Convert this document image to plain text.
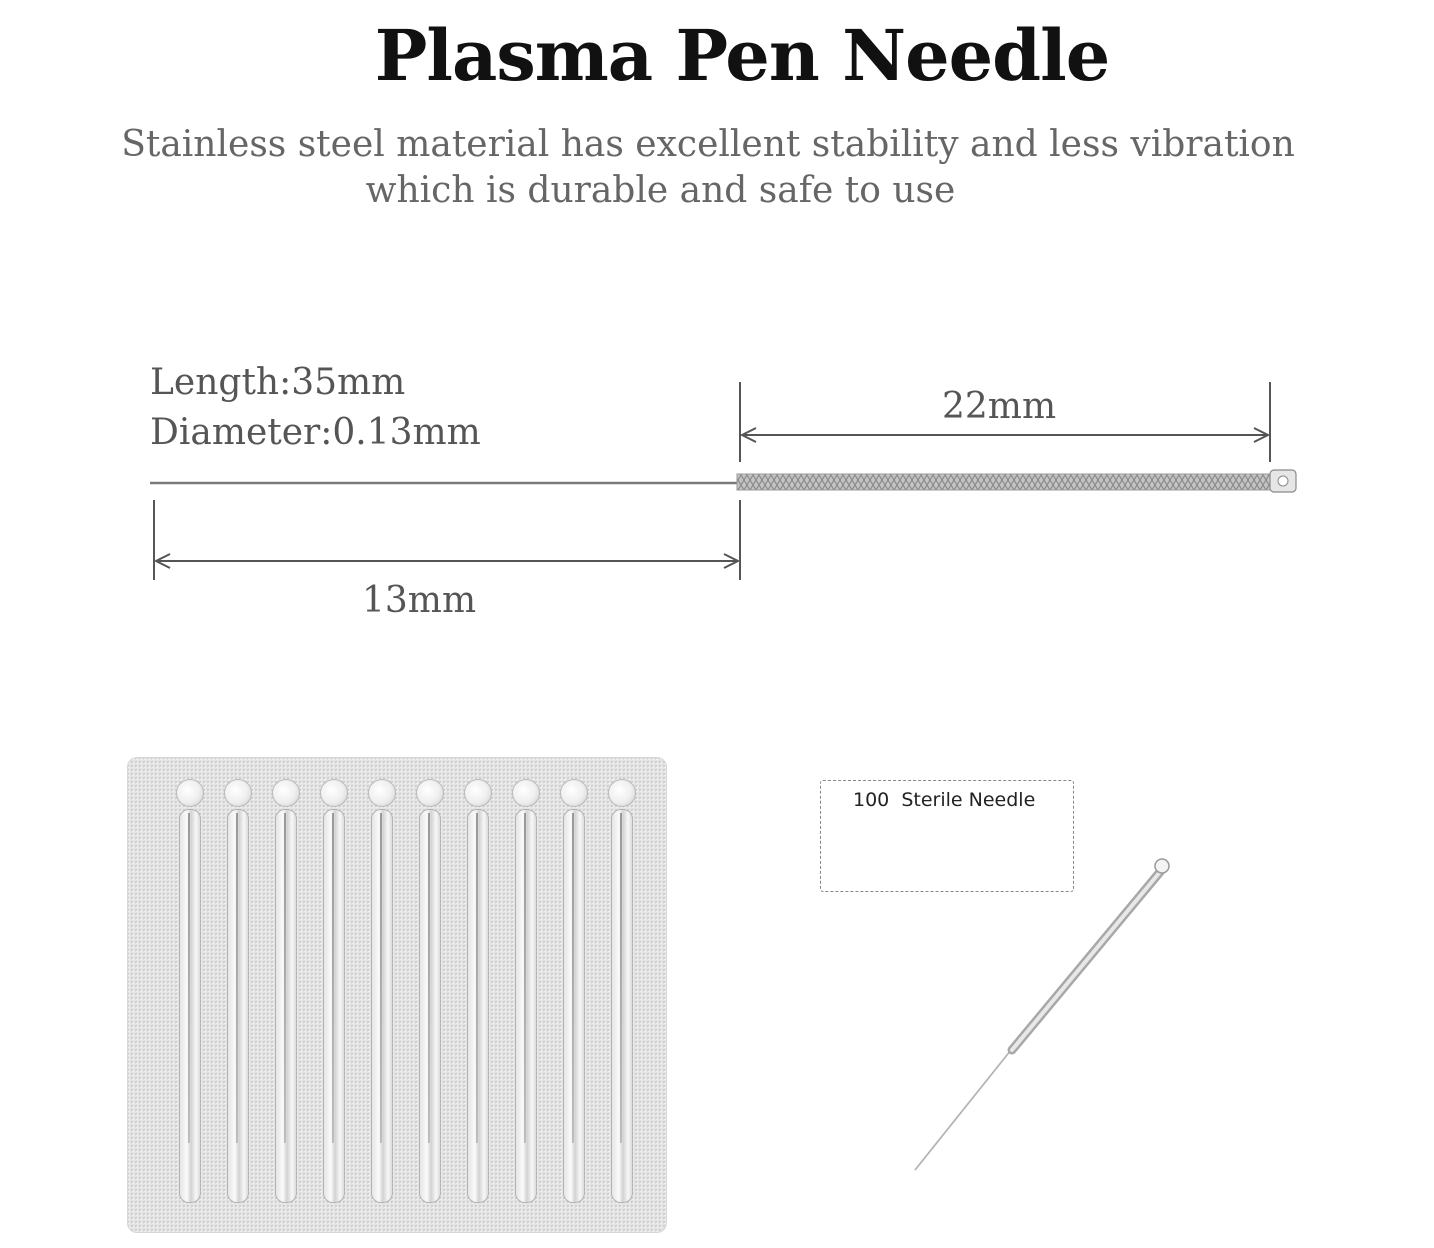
Plasma Pen Needle
Stainless steel material has excellent stability and less vibration
which is durable and safe to use
Length:35mm
Diameter:0.13mm
22mm
13mm
100  Sterile Needle
